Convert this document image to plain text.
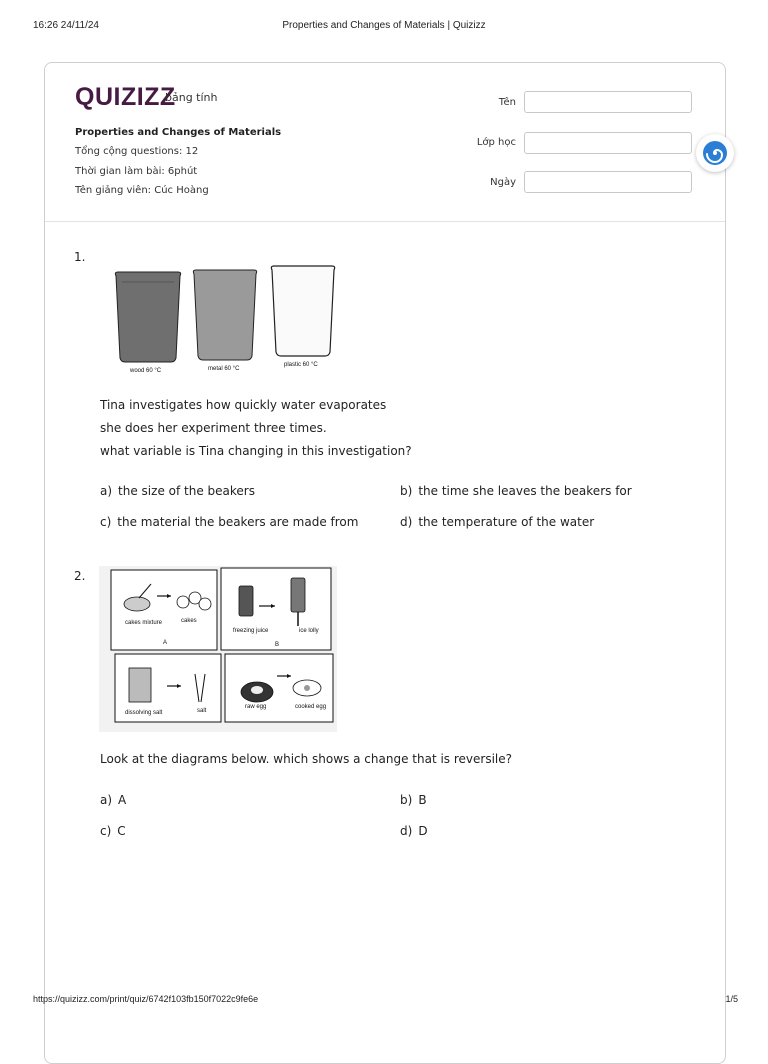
16:26 24/11/24	Properties and Changes of Materials | Quizizz
QUIZIZZ
bảng tính
Properties and Changes of Materials
Tổng cộng questions: 12
Thời gian làm bài: 6phút
Tên giảng viên: Cúc Hoàng
Tên
Lớp học
Ngày
1.
wood 60 °C	metal 60 °C
plastic 60 °C
Tina investigates how quickly water evaporates
she does her experiment three times.
what variable is Tina changing in this investigation?
a) the size of the beakers	b) the time she leaves the beakers for
c) the material the beakers are made from	d) the temperature of the water
2.
cakes mixture	cakes
A
freezing juice	ice lolly
B
dissolving salt	salt
raw egg	cooked egg
Look at the diagrams below. which shows a change that is reversile?
a) A	b) B
c) C	d) D
https://quizizz.com/print/quiz/6742f103fb150f7022c9fe6e	1/5
